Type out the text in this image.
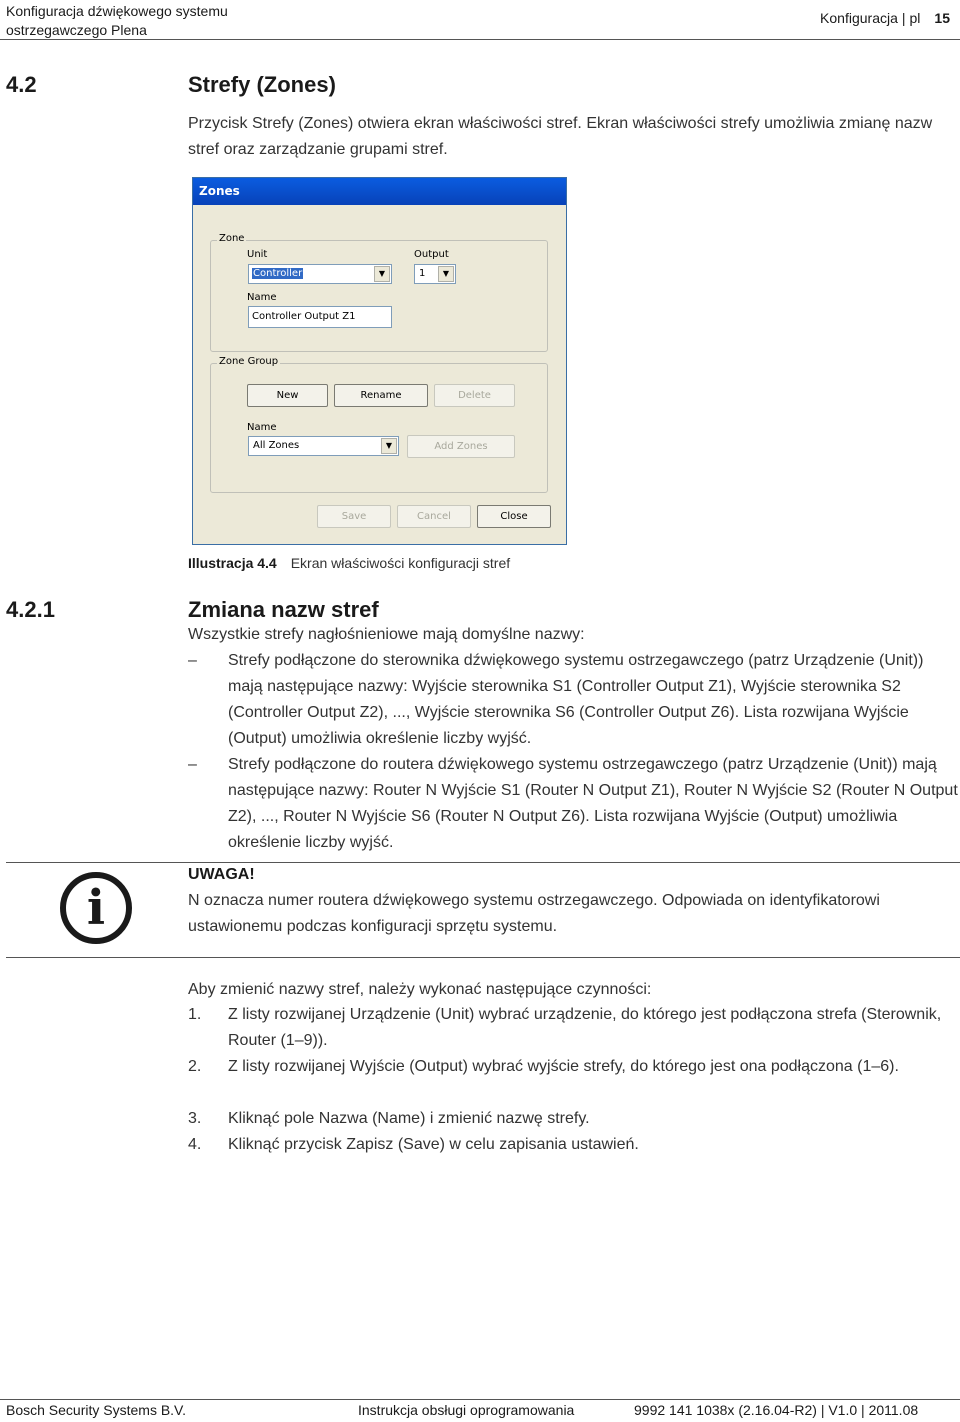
Konfiguracja dźwiękowego systemu
ostrzegawczego Plena
Konfiguracja | pl 15
4.2	Strefy (Zones)
Przycisk Strefy (Zones) otwiera ekran właściwości stref. Ekran właściwości strefy umożliwia zmianę nazw stref oraz zarządzanie grupami stref.
Zones
Zone
Unit
Controller	▼
Output
1	▼
Name
Controller Output Z1
Zone Group
New	Rename	Delete
Name
All Zones	▼	Add Zones
Save	Cancel	Close
Illustracja 4.4 Ekran właściwości konfiguracji stref
4.2.1	Zmiana nazw stref
Wszystkie strefy nagłośnieniowe mają domyślne nazwy:
–	Strefy podłączone do sterownika dźwiękowego systemu ostrzegawczego (patrz Urządzenie (Unit)) mają następujące nazwy: Wyjście sterownika S1 (Controller Output Z1), Wyjście sterownika S2 (Controller Output Z2), ..., Wyjście sterownika S6 (Controller Output Z6). Lista rozwijana Wyjście (Output) umożliwia określenie liczby wyjść.
–	Strefy podłączone do routera dźwiękowego systemu ostrzegawczego (patrz Urządzenie (Unit)) mają następujące nazwy: Router N Wyjście S1 (Router N Output Z1), Router N Wyjście S2 (Router N Output Z2), ..., Router N Wyjście S6 (Router N Output Z6). Lista rozwijana Wyjście (Output) umożliwia określenie liczby wyjść.
i
UWAGA!
N oznacza numer routera dźwiękowego systemu ostrzegawczego. Odpowiada on identyfikatorowi ustawionemu podczas konfiguracji sprzętu systemu.
Aby zmienić nazwy stref, należy wykonać następujące czynności:
1.	Z listy rozwijanej Urządzenie (Unit) wybrać urządzenie, do którego jest podłączona strefa (Sterownik, Router (1–9)).
2.	Z listy rozwijanej Wyjście (Output) wybrać wyjście strefy, do którego jest ona podłączona (1–6).
3.	Kliknąć pole Nazwa (Name) i zmienić nazwę strefy.
4.	Kliknąć przycisk Zapisz (Save) w celu zapisania ustawień.
Bosch Security Systems B.V.	Instrukcja obsługi oprogramowania	9992 141 1038x (2.16.04-R2) | V1.0 | 2011.08
